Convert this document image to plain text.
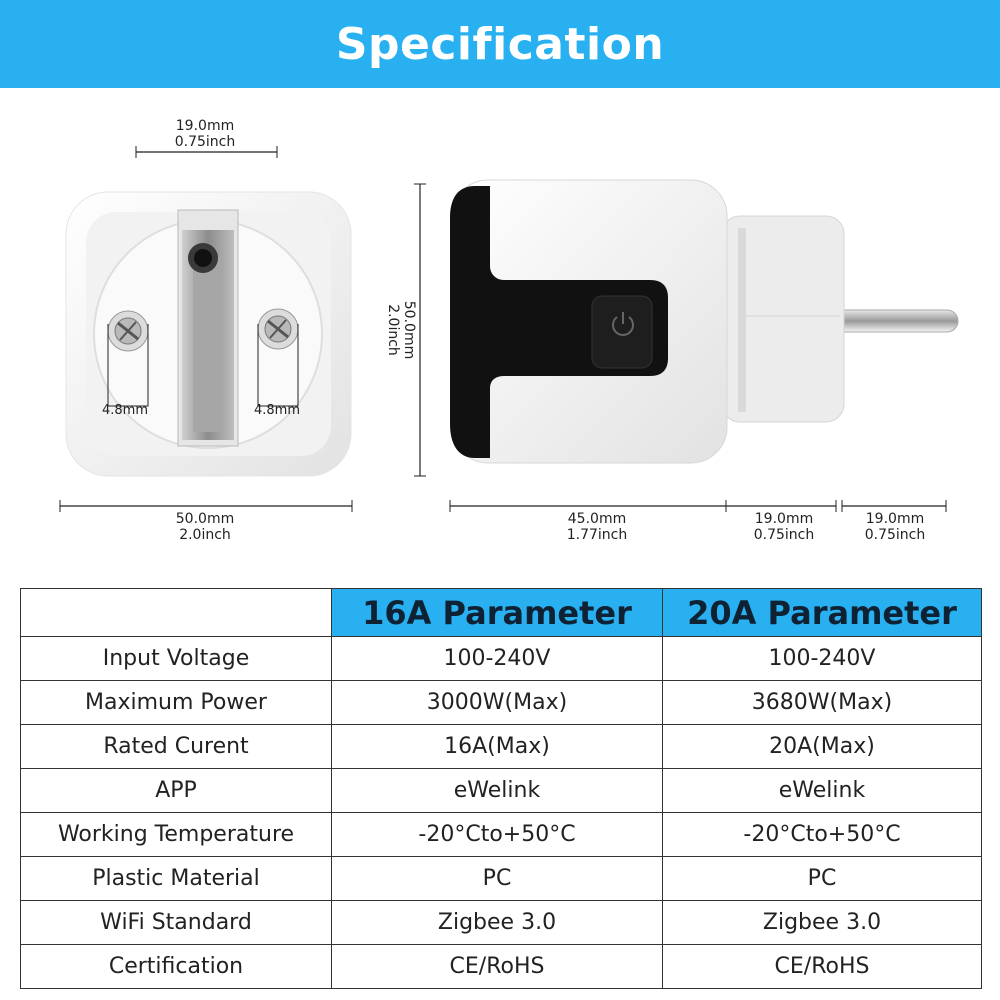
Specification
19.0mm
0.75inch
4.8mm	4.8mm
50.0mm
2.0inch
50.0mm
2.0inch
45.0mm
1.77inch
19.0mm
0.75inch
19.0mm
0.75inch
	16A Parameter	20A Parameter
Input Voltage	100-240V	100-240V
Maximum Power	3000W(Max)	3680W(Max)
Rated Curent	16A(Max)	20A(Max)
APP	eWelink	eWelink
Working Temperature	-20°Cto+50°C	-20°Cto+50°C
Plastic Material	PC	PC
WiFi Standard	Zigbee 3.0	Zigbee 3.0
Certification	CE/RoHS	CE/RoHS
